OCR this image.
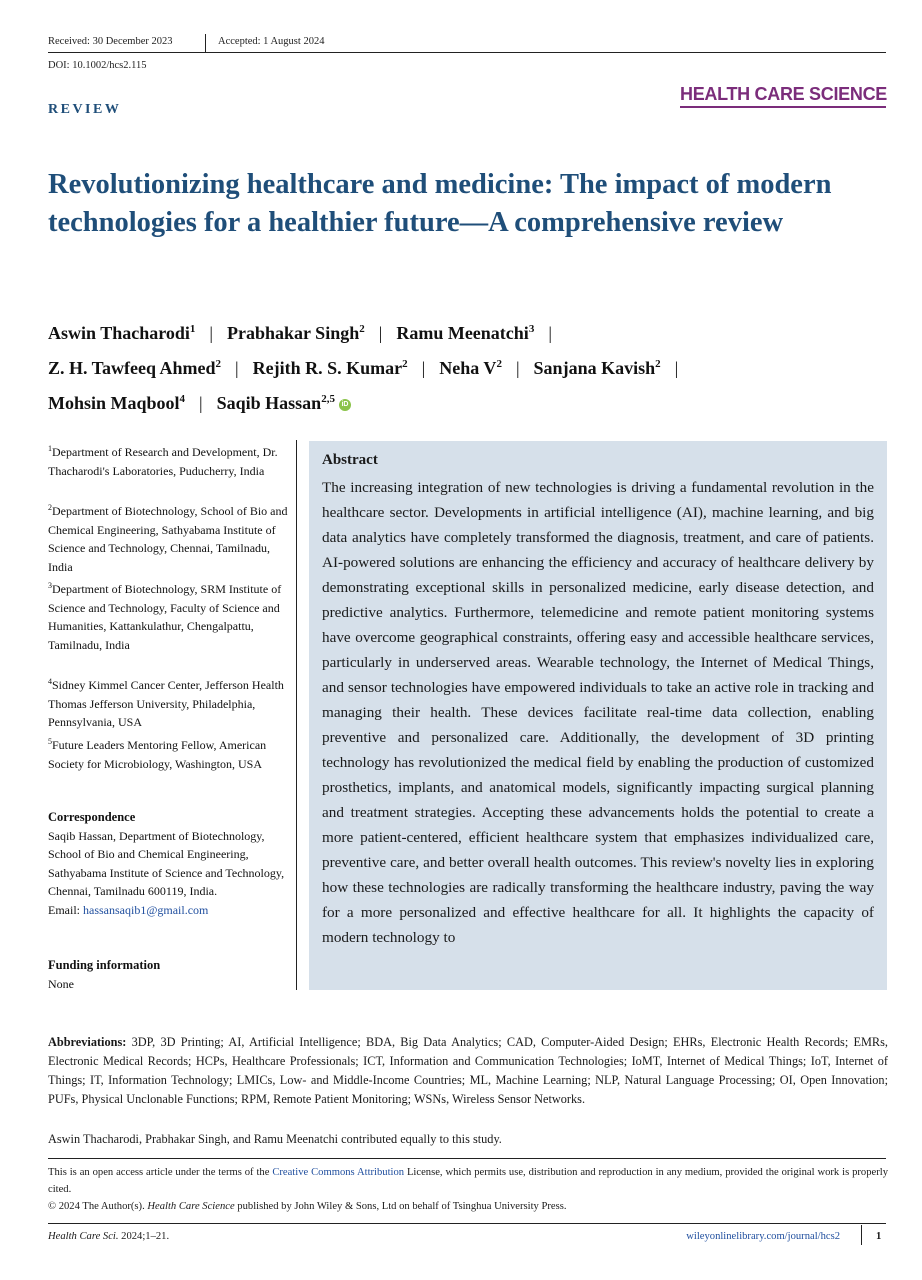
Received: 30 December 2023	Accepted: 1 August 2024
DOI: 10.1002/hcs2.115
REVIEW
HEALTH CARE SCIENCE
Revolutionizing healthcare and medicine: The impact of modern technologies for a healthier future—A comprehensive review
Aswin Thacharodi$^1$ | Prabhakar Singh$^2$ | Ramu Meenatchi$^3$ |
Z. H. Tawfeeq Ahmed$^2$ | Rejith R. S. Kumar$^2$ | Neha $V^2$ | Sanjana Kavish$^2$ |
Mohsin Maqbool$^4$ | Saqib Hassan$^{2,5}$ iD
$^1$Department of Research and Development, Dr. Thacharodi's Laboratories, Puducherry, India
$^2$Department of Biotechnology, School of Bio and Chemical Engineering, Sathyabama Institute of Science and Technology, Chennai, Tamilnadu, India
$^3$Department of Biotechnology, SRM Institute of Science and Technology, Faculty of Science and Humanities, Kattankulathur, Chengalpattu, Tamilnadu, India
$^4$Sidney Kimmel Cancer Center, Jefferson Health Thomas Jefferson University, Philadelphia, Pennsylvania, USA
$^5$Future Leaders Mentoring Fellow, American Society for Microbiology, Washington, USA
Correspondence
Saqib Hassan, Department of Biotechnology, School of Bio and Chemical Engineering, Sathyabama Institute of Science and Technology, Chennai, Tamilnadu 600119, India.
Email: hassansaqib1@gmail.com
Funding information
None
Abstract
The increasing integration of new technologies is driving a fundamental revolution in the healthcare sector. Developments in artificial intelligence (AI), machine learning, and big data analytics have completely transformed the diagnosis, treatment, and care of patients. AI-powered solutions are enhancing the efficiency and accuracy of healthcare delivery by demonstrating exceptional skills in personalized medicine, early disease detection, and predictive analytics. Furthermore, telemedicine and remote patient monitoring systems have overcome geographical constraints, offering easy and accessible healthcare services, particularly in underserved areas. Wearable technology, the Internet of Medical Things, and sensor technologies have empowered individuals to take an active role in tracking and managing their health. These devices facilitate real-time data collection, enabling preventive and personalized care. Additionally, the development of 3D printing technology has revolutionized the medical field by enabling the production of customized prosthetics, implants, and anatomical models, significantly impacting surgical planning and treatment strategies. Accepting these advancements holds the potential to create a more patient-centered, efficient healthcare system that emphasizes individualized care, preventive care, and better overall health outcomes. This review's novelty lies in exploring how these technologies are radically transforming the healthcare industry, paving the way for a more personalized and effective healthcare for all. It highlights the capacity of modern technology to
Abbreviations: 3DP, 3D Printing; AI, Artificial Intelligence; BDA, Big Data Analytics; CAD, Computer-Aided Design; EHRs, Electronic Health Records; EMRs, Electronic Medical Records; HCPs, Healthcare Professionals; ICT, Information and Communication Technologies; IoMT, Internet of Medical Things; IoT, Internet of Things; IT, Information Technology; LMICs, Low- and Middle-Income Countries; ML, Machine Learning; NLP, Natural Language Processing; OI, Open Innovation; PUFs, Physical Unclonable Functions; RPM, Remote Patient Monitoring; WSNs, Wireless Sensor Networks.
Aswin Thacharodi, Prabhakar Singh, and Ramu Meenatchi contributed equally to this study.
This is an open access article under the terms of the Creative Commons Attribution License, which permits use, distribution and reproduction in any medium, provided the original work is properly cited.
© 2024 The Author(s). Health Care Science published by John Wiley & Sons, Ltd on behalf of Tsinghua University Press.
Health Care Sci. 2024;1–21.	wileyonlinelibrary.com/journal/hcs2	1
